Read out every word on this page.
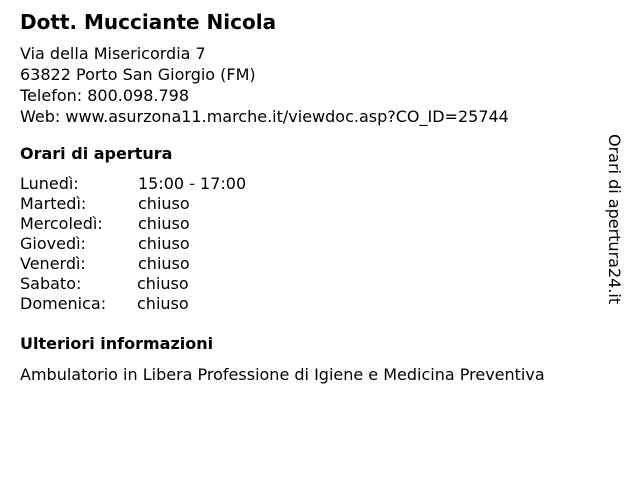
Dott. Mucciante Nicola
Via della Misericordia 7
63822 Porto San Giorgio (FM)
Telefon: 800.098.798
Web: www.asurzona11.marche.it/viewdoc.asp?CO_ID=25744
Orari di apertura
Lunedì:	15:00 - 17:00
Martedì:	chiuso
Mercoledì:	chiuso
Giovedì:	chiuso
Venerdì:	chiuso
Sabato:	chiuso
Domenica:	chiuso
Ulteriori informazioni
Ambulatorio in Libera Professione di Igiene e Medicina Preventiva
Orari di apertura24.it
